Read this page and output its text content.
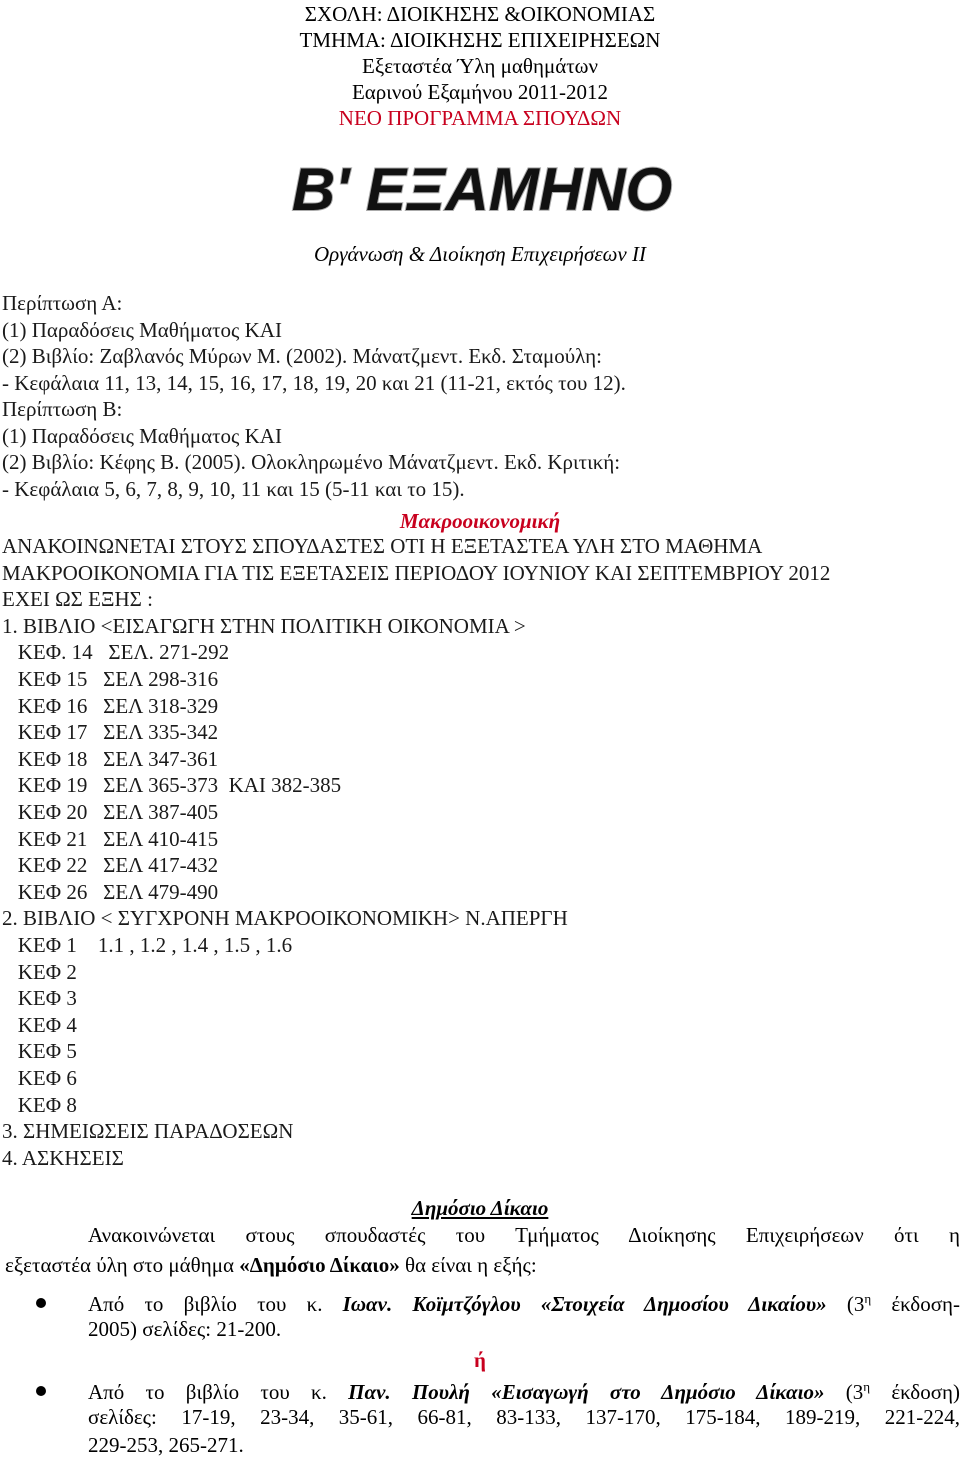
ΣΧΟΛΗ: ΔΙΟΙΚΗΣΗΣ &ΟΙΚΟΝΟΜΙΑΣ
ΤΜΗΜΑ: ΔΙΟΙΚΗΣΗΣ ΕΠΙΧΕΙΡΗΣΕΩΝ
Εξεταστέα Ύλη μαθημάτων
Εαρινού Εξαμήνου 2011-2012
ΝΕΟ ΠΡΟΓΡΑΜΜΑ ΣΠΟΥΔΩΝ
Β' ΕΞΑΜΗΝΟ
Οργάνωση & Διοίκηση Επιχειρήσεων ΙΙ
Περίπτωση Α:
(1) Παραδόσεις Μαθήματος ΚΑΙ
(2) Βιβλίο: Ζαβλανός Μύρων Μ. (2002). Μάνατζμεντ. Εκδ. Σταμούλη:
- Κεφάλαια 11, 13, 14, 15, 16, 17, 18, 19, 20 και 21 (11-21, εκτός του 12).
Περίπτωση Β:
(1) Παραδόσεις Μαθήματος ΚΑΙ
(2) Βιβλίο: Κέφης Β. (2005). Ολοκληρωμένο Μάνατζμεντ. Εκδ. Κριτική:
- Κεφάλαια 5, 6, 7, 8, 9, 10, 11 και 15 (5-11 και το 15).
Μακροοικονομική
ΑΝΑΚΟΙΝΩΝΕΤΑΙ ΣΤΟΥΣ ΣΠΟΥΔΑΣΤΕΣ ΟΤΙ Η ΕΞΕΤΑΣΤΕΑ ΥΛΗ ΣΤΟ ΜΑΘΗΜΑ
ΜΑΚΡΟΟΙΚΟΝΟΜΙΑ ΓΙΑ ΤΙΣ ΕΞΕΤΑΣΕΙΣ ΠΕΡΙΟΔΟΥ ΙΟΥΝΙΟΥ ΚΑΙ ΣΕΠΤΕΜΒΡΙΟΥ 2012
ΕΧΕΙ ΩΣ ΕΞΗΣ :
1. ΒΙΒΛΙΟ <ΕΙΣΑΓΩΓΗ ΣΤΗΝ ΠΟΛΙΤΙΚΗ ΟΙΚΟΝΟΜΙΑ >
ΚΕΦ. 14   ΣΕΛ. 271-292
ΚΕΦ 15   ΣΕΛ 298-316
ΚΕΦ 16   ΣΕΛ 318-329
ΚΕΦ 17   ΣΕΛ 335-342
ΚΕΦ 18   ΣΕΛ 347-361
ΚΕΦ 19   ΣΕΛ 365-373  ΚΑΙ 382-385
ΚΕΦ 20   ΣΕΛ 387-405
ΚΕΦ 21   ΣΕΛ 410-415
ΚΕΦ 22   ΣΕΛ 417-432
ΚΕΦ 26   ΣΕΛ 479-490
2. ΒΙΒΛΙΟ < ΣΥΓΧΡΟΝΗ ΜΑΚΡΟΟΙΚΟΝΟΜΙΚΗ> Ν.ΑΠΕΡΓΗ
ΚΕΦ 1    1.1 , 1.2 , 1.4 , 1.5 , 1.6
ΚΕΦ 2
ΚΕΦ 3
ΚΕΦ 4
ΚΕΦ 5
ΚΕΦ 6
ΚΕΦ 8
3. ΣΗΜΕΙΩΣΕΙΣ ΠΑΡΑΔΟΣΕΩΝ
4. ΑΣΚΗΣΕΙΣ
Δημόσιο Δίκαιο
Ανακοινώνεται στους σπουδαστές του Τμήματος Διοίκησης Επιχειρήσεων ότι η
εξεταστέα ύλη στο μάθημα «Δημόσιο Δίκαιο» θα είναι η εξής:
Από το βιβλίο του κ. Ιωαν. Κοϊμτζόγλου «Στοιχεία Δημοσίου Δικαίου» ($3^\eta$ έκδοση-
2005) σελίδες: 21-200.
ή
Από το βιβλίο του κ. Παν. Πουλή «Εισαγωγή στο Δημόσιο Δίκαιο» ($3^\eta$ έκδοση)
σελίδες: 17-19, 23-34, 35-61, 66-81, 83-133, 137-170, 175-184, 189-219, 221-224,
229-253, 265-271.
